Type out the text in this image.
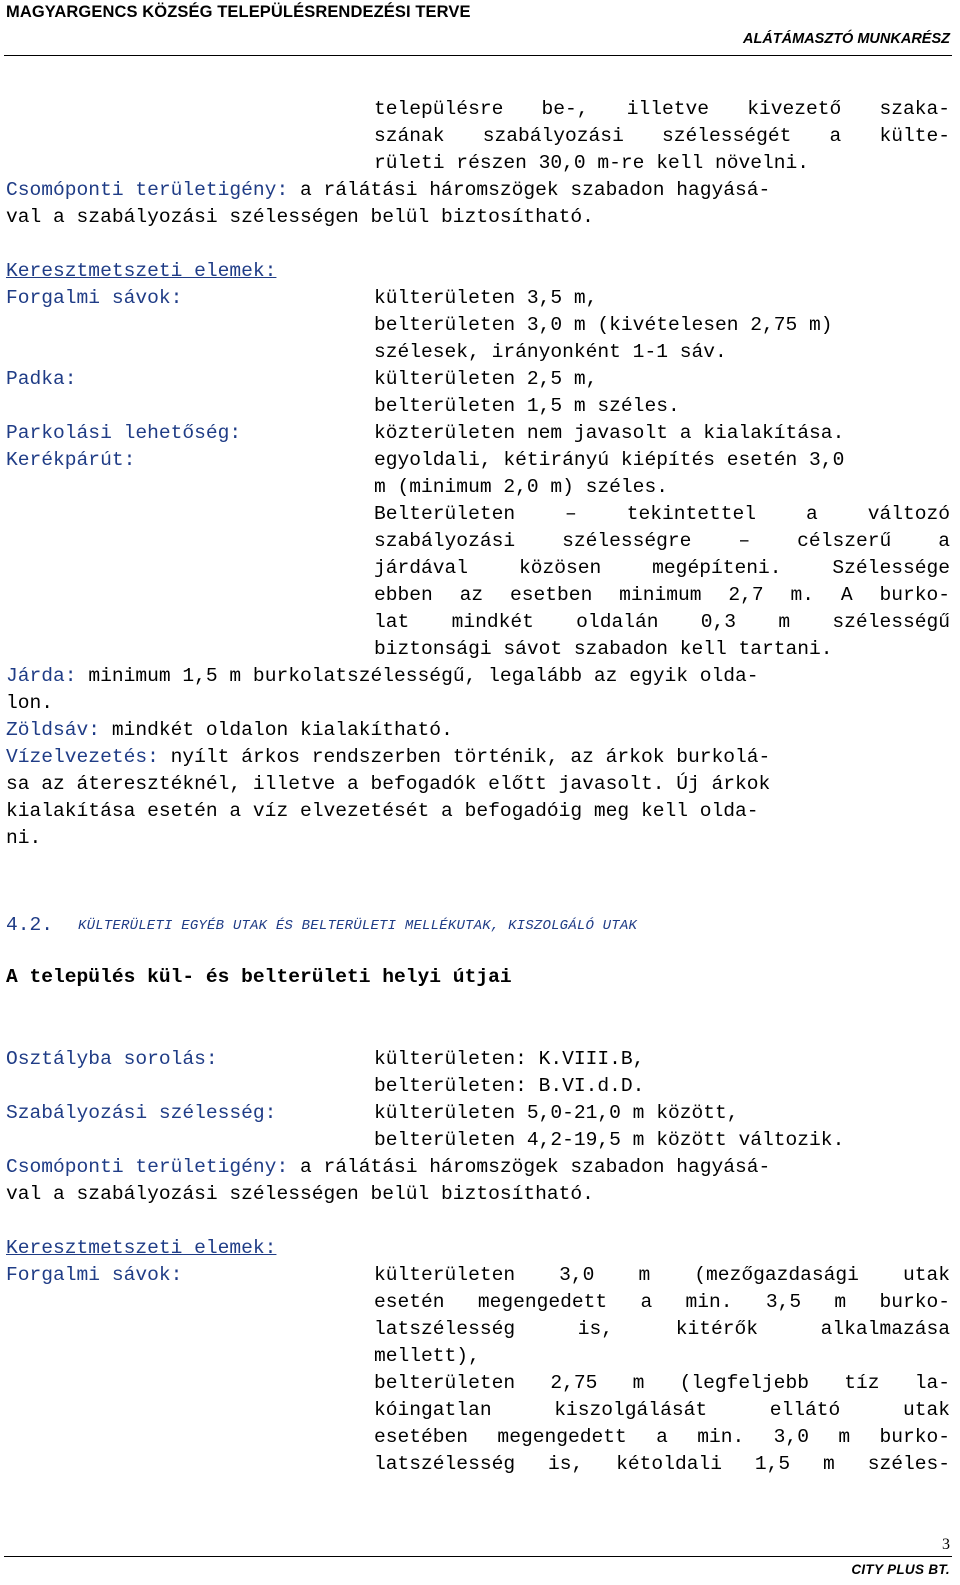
MAGYARGENCS KÖZSÉG TELEPÜLÉSRENDEZÉSI TERVE
ALÁTÁMASZTÓ MUNKARÉSZ
településre be-, illetve kivezető szaka-
szának szabályozási szélességét a külte-
rületi részen 30,0 m-re kell növelni.
Csomóponti területigény: a rálátási háromszögek szabadon hagyásá-
val a szabályozási szélességen belül biztosítható.
Keresztmetszeti elemek:
Forgalmi sávok:	külterületen 3,5 m,
belterületen 3,0 m (kivételesen 2,75 m)
szélesek, irányonként 1-1 sáv.
Padka:	külterületen 2,5 m,
belterületen 1,5 m széles.
Parkolási lehetőség:	közterületen nem javasolt a kialakítása.
Kerékpárút:	egyoldali, kétirányú kiépítés esetén 3,0
m (minimum 2,0 m) széles.
Belterületen – tekintettel a változó
szabályozási szélességre – célszerű a
járdával közösen megépíteni. Szélessége
ebben az esetben minimum 2,7 m. A burko-
lat mindkét oldalán 0,3 m szélességű
biztonsági sávot szabadon kell tartani.
Járda: minimum 1,5 m burkolatszélességű, legalább az egyik olda-
lon.
Zöldsáv: mindkét oldalon kialakítható.
Vízelvezetés: nyílt árkos rendszerben történik, az árkok burkolá-
sa az áteresztéknél, illetve a befogadók előtt javasolt. Új árkok
kialakítása esetén a víz elvezetését a befogadóig meg kell olda-
ni.
4.2. KÜLTERÜLETI EGYÉB UTAK ÉS BELTERÜLETI MELLÉKUTAK, KISZOLGÁLÓ UTAK
A település kül- és belterületi helyi útjai
Osztályba sorolás:	külterületen: K.VIII.B,
belterületen: B.VI.d.D.
Szabályozási szélesség:	külterületen 5,0-21,0 m között,
belterületen 4,2-19,5 m között változik.
Csomóponti területigény: a rálátási háromszögek szabadon hagyásá-
val a szabályozási szélességen belül biztosítható.
Keresztmetszeti elemek:
Forgalmi sávok:	külterületen 3,0 m (mezőgazdasági utak
esetén megengedett a min. 3,5 m burko-
latszélesség is, kitérők alkalmazása
mellett),
belterületen 2,75 m (legfeljebb tíz la-
kóingatlan kiszolgálását ellátó utak
esetében megengedett a min. 3,0 m burko-
latszélesség is, kétoldali 1,5 m széles-
3
CITY PLUS BT.
